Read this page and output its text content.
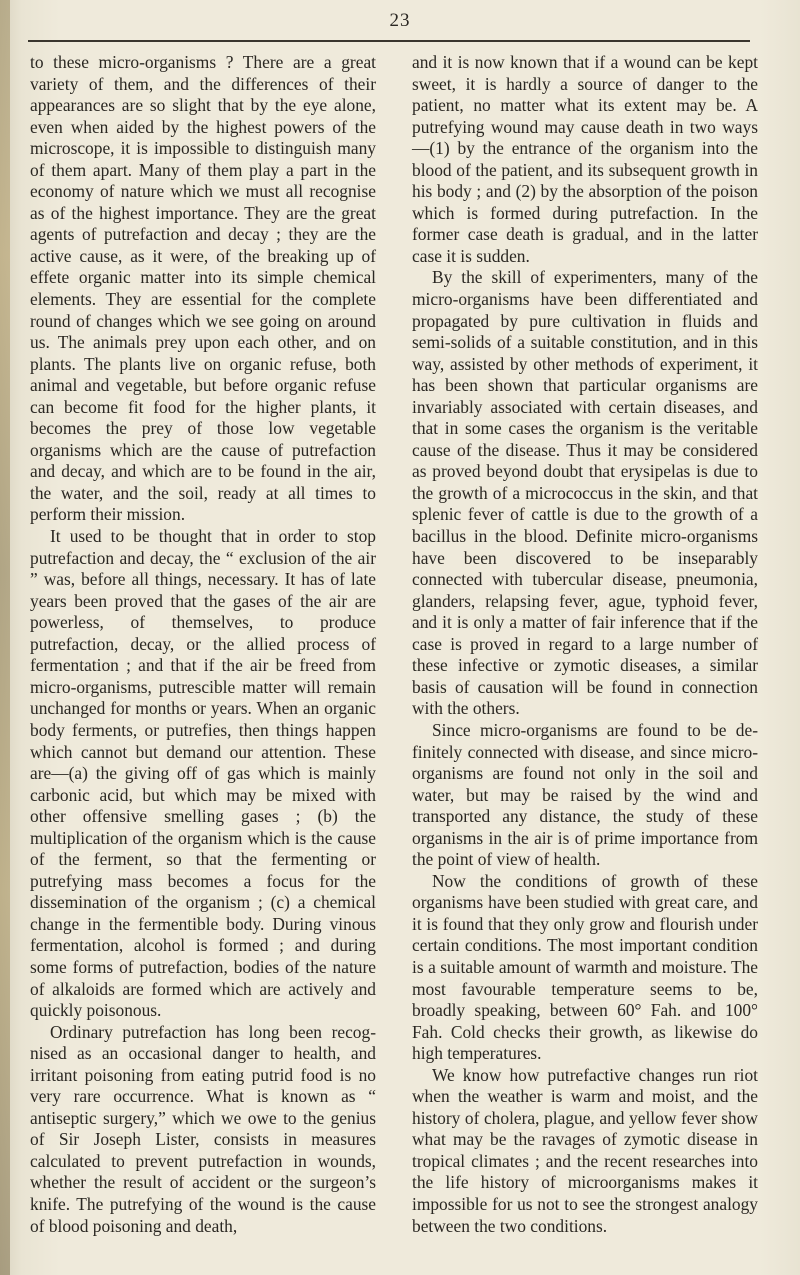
23

to these micro-organisms ? There are a great variety of them, and the differences of their appearances are so slight that by the eye alone, even when aided by the highest powers of the microscope, it is impossible to distinguish many of them apart. Many of them play a part in the economy of nature which we must all recognise as of the highest importance. They are the great agents of putrefaction and decay ; they are the active cause, as it were, of the breaking up of effete organic matter into its simple chemical elements. They are essential for the complete round of changes which we see going on around us. The animals prey upon each other, and on plants. The plants live on organic refuse, both animal and vegetable, but before organic refuse can become fit food for the higher plants, it becomes the prey of those low vegetable organisms which are the cause of putrefaction and decay, and which are to be found in the air, the water, and the soil, ready at all times to perform their mission.

It used to be thought that in order to stop putrefaction and decay, the “ exclusion of the air ” was, before all things, necessary. It has of late years been proved that the gases of the air are powerless, of themselves, to produce putrefaction, decay, or the allied process of fermentation ; and that if the air be freed from micro-organisms, putrescible matter will remain unchanged for months or years. When an organic body ferments, or putrefies, then things happen which cannot but demand our attention. These are—(a) the giving off of gas which is mainly carbonic acid, but which may be mixed with other offensive smelling gases ; (b) the multiplication of the organism which is the cause of the ferment, so that the fermenting or putrefying mass becomes a focus for the dissemination of the organism ; (c) a chemical change in the fermentible body. During vinous fermentation, alcohol is formed ; and during some forms of putrefaction, bodies of the nature of alkaloids are formed which are actively and quickly poisonous.

Ordinary putrefaction has long been recognised as an occasional danger to health, and irritant poisoning from eating putrid food is no very rare occurrence. What is known as “ antiseptic surgery,” which we owe to the genius of Sir Joseph Lister, consists in measures calculated to prevent putrefaction in wounds, whether the result of accident or the surgeon’s knife. The putrefying of the wound is the cause of blood poisoning and death,

and it is now known that if a wound can be kept sweet, it is hardly a source of danger to the patient, no matter what its extent may be. A putrefying wound may cause death in two ways—(1) by the entrance of the organism into the blood of the patient, and its subsequent growth in his body ; and (2) by the absorption of the poison which is formed during putrefaction. In the former case death is gradual, and in the latter case it is sudden.

By the skill of experimenters, many of the micro-organisms have been differentiated and propagated by pure cultivation in fluids and semi-solids of a suitable constitution, and in this way, assisted by other methods of experiment, it has been shown that particular organisms are invariably associated with certain diseases, and that in some cases the organism is the veritable cause of the disease. Thus it may be considered as proved beyond doubt that erysipelas is due to the growth of a micrococcus in the skin, and that splenic fever of cattle is due to the growth of a bacillus in the blood. Definite micro-organisms have been discovered to be inseparably connected with tubercular disease, pneumonia, glanders, relapsing fever, ague, typhoid fever, and it is only a matter of fair inference that if the case is proved in regard to a large number of these infective or zymotic diseases, a similar basis of causation will be found in connection with the others.

Since micro-organisms are found to be definitely connected with disease, and since micro-organisms are found not only in the soil and water, but may be raised by the wind and transported any distance, the study of these organisms in the air is of prime importance from the point of view of health.

Now the conditions of growth of these organisms have been studied with great care, and it is found that they only grow and flourish under certain conditions. The most important condition is a suitable amount of warmth and moisture. The most favourable temperature seems to be, broadly speaking, between 60° Fah. and 100° Fah. Cold checks their growth, as likewise do high temperatures.

We know how putrefactive changes run riot when the weather is warm and moist, and the history of cholera, plague, and yellow fever show what may be the ravages of zymotic disease in tropical climates ; and the recent researches into the life history of microorganisms makes it impossible for us not to see the strongest analogy between the two conditions.
